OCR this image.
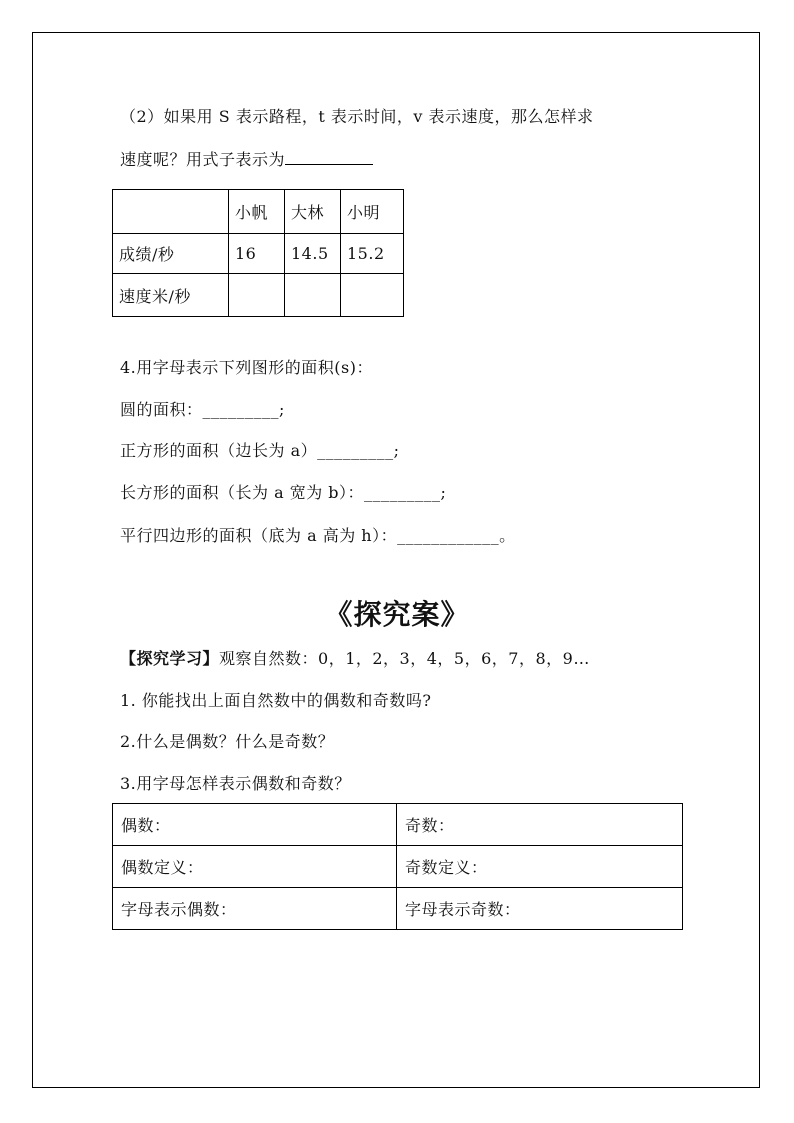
（2）如果用 S 表示路程，t 表示时间，v 表示速度，那么怎样求
速度呢？用式子表示为
	小帆	大林	小明
成绩/秒	16	14.5	15.2
速度米/秒			
4.用字母表示下列图形的面积(s)：
圆的面积：_________;
正方形的面积（边长为 a）_________;
长方形的面积（长为 a 宽为 b）：_________;
平行四边形的面积（底为 a 高为 h）：____________。
《探究案》
【探究学习】观察自然数：0，1，2，3，4，5，6，7，8，9…
1. 你能找出上面自然数中的偶数和奇数吗?
2.什么是偶数？什么是奇数？
3.用字母怎样表示偶数和奇数？
偶数：	奇数：
偶数定义：	奇数定义：
字母表示偶数：	字母表示奇数：
